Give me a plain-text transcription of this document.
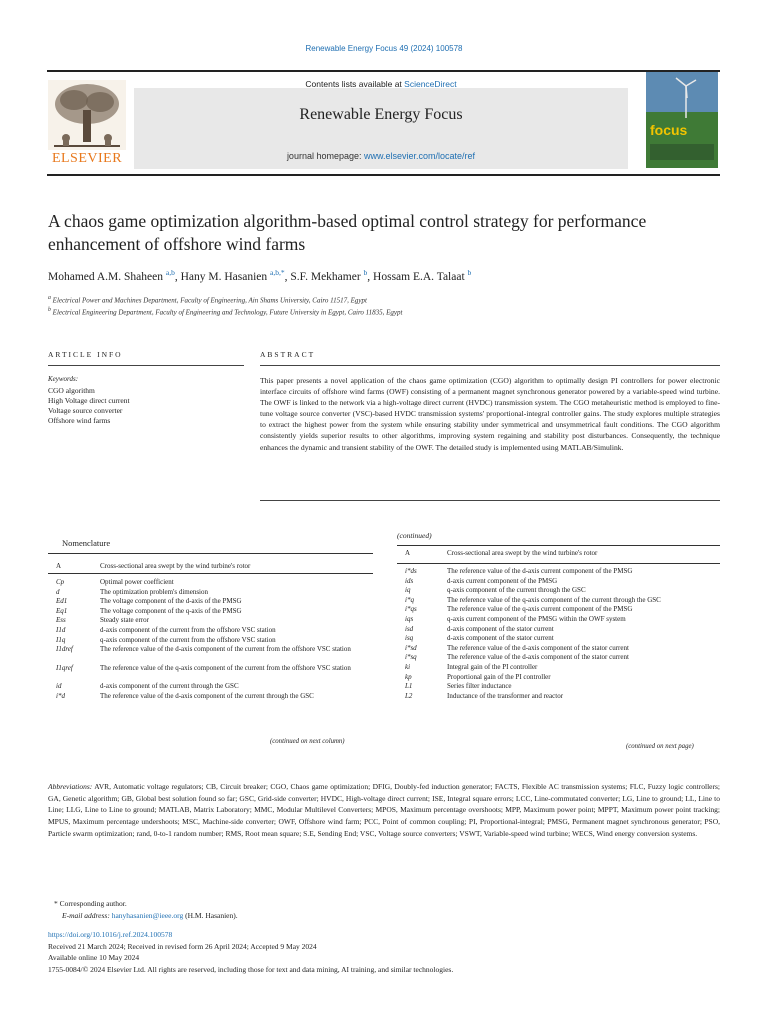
Renewable Energy Focus 49 (2024) 100578
Contents lists available at ScienceDirect
Renewable Energy Focus
journal homepage: www.elsevier.com/locate/ref
ELSEVIER
focus
A chaos game optimization algorithm-based optimal control strategy for performance enhancement of offshore wind farms
Mohamed A.M. Shaheen $^{a,b}$, Hany M. Hasanien $^{a,b,*}$, S.F. Mekhamer $^b$, Hossam E.A. Talaat $^b$
$^a$ Electrical Power and Machines Department, Faculty of Engineering, Ain Shams University, Cairo 11517, Egypt
$^b$ Electrical Engineering Department, Faculty of Engineering and Technology, Future University in Egypt, Cairo 11835, Egypt
ARTICLE INFO	ABSTRACT
Keywords:
CGO algorithm
High Voltage direct current
Voltage source converter
Offshore wind farms
This paper presents a novel application of the chaos game optimization (CGO) algorithm to optimally design PI controllers for power electronic interface circuits of offshore wind farms (OWF) consisting of a permanent magnet synchronous generator powered by a variable-speed wind turbine. The OWF is linked to the network via a high-voltage direct current (HVDC) transmission system. The CGO metaheuristic method is employed to fine-tune voltage source converter (VSC)-based HVDC transmission systems' proportional-integral controller gains. The study explores multiple strategies to extract the highest power from the system while ensuring stability under symmetrical and unsymmetrical fault conditions. The CGO algorithm consistently yields superior results to other algorithms, improving system regaining and stability post disturbances. Consequently, the technique enhances the dynamic and transient stability of the OWF. The detailed study is implemented using MATLAB/Simulink.
Nomenclature
A	Cross-sectional area swept by the wind turbine's rotor
Cp	Optimal power coefficient
d	The optimization problem's dimension
Ed1	The voltage component of the d-axis of the PMSG
Eq1	The voltage component of the q-axis of the PMSG
Ess	Steady state error
I1d	d-axis component of the current from the offshore VSC station
I1q	q-axis component of the current from the offshore VSC station
I1dref	The reference value of the d-axis component of the current from the offshore VSC station
I1qref	The reference value of the q-axis component of the current from the offshore VSC station
id	d-axis component of the current through the GSC
i*d	The reference value of the d-axis component of the current through the GSC
(continued on next column)
(continued)
A	Cross-sectional area swept by the wind turbine's rotor
i*ds	The reference value of the d-axis current component of the PMSG
ids	d-axis current component of the PMSG
iq	q-axis component of the current through the GSC
i*q	The reference value of the q-axis component of the current through the GSC
i*qs	The reference value of the q-axis current component of the PMSG
iqs	q-axis current component of the PMSG within the OWF system
isd	d-axis component of the stator current
isq	d-axis component of the stator current
i*sd	The reference value of the d-axis component of the stator current
i*sq	The reference value of the d-axis component of the stator current
ki	Integral gain of the PI controller
kp	Proportional gain of the PI controller
L1	Series filter inductance
L2	Inductance of the transformer and reactor
(continued on next page)
Abbreviations: AVR, Automatic voltage regulators; CB, Circuit breaker; CGO, Chaos game optimization; DFIG, Doubly-fed induction generator; FACTS, Flexible AC transmission systems; FLC, Fuzzy logic controllers; GA, Genetic algorithm; GB, Global best solution found so far; GSC, Grid-side converter; HVDC, High-voltage direct current; ISE, Integral square errors; LCC, Line-commutated converter; LG, Line to ground; LL, Line to Line; LLG, Line to Line to ground; MATLAB, Matrix Laboratory; MMC, Modular Multilevel Converters; MPOS, Maximum percentage overshoots; MPP, Maximum power point; MPPT, Maximum power point tracking; MPUS, Maximum percentage undershoots; MSC, Machine-side converter; OWF, Offshore wind farm; PCC, Point of common coupling; PI, Proportional-integral; PMSG, Permanent magnet synchronous generator; PSO, Particle swarm optimization; rand, 0-to-1 random number; RMS, Root mean square; S.E, Sending End; VSC, Voltage source converters; VSWT, Variable-speed wind turbine; WECS, Wind energy conversion systems.
* Corresponding author.
E-mail address: hanyhasanien@ieee.org (H.M. Hasanien).
https://doi.org/10.1016/j.ref.2024.100578
Received 21 March 2024; Received in revised form 26 April 2024; Accepted 9 May 2024
Available online 10 May 2024
1755-0084/© 2024 Elsevier Ltd. All rights are reserved, including those for text and data mining, AI training, and similar technologies.
